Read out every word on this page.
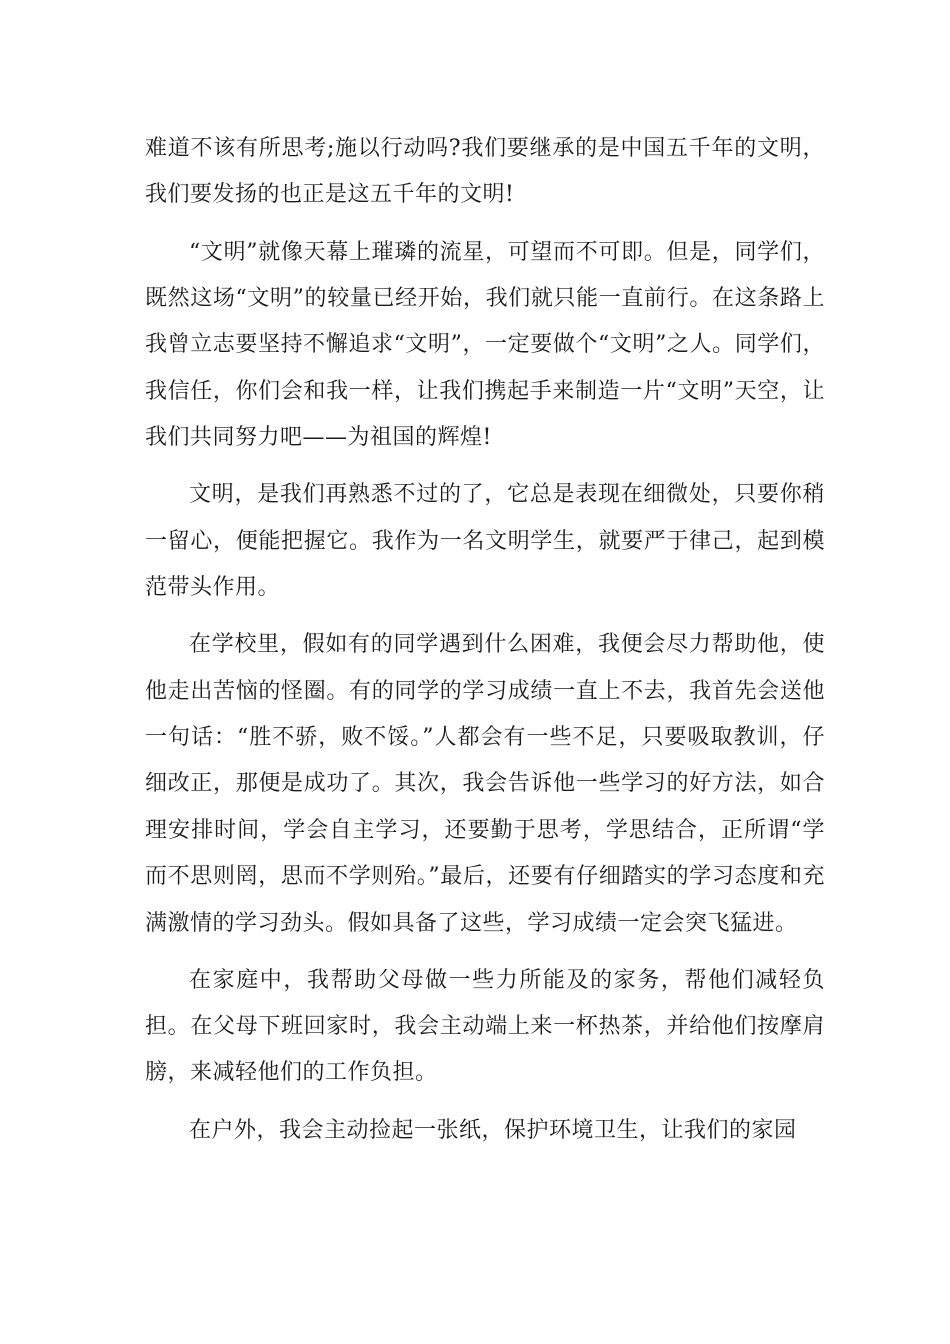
难道不该有所思考;施以行动吗?我们要继承的是中国五千年的文明，我们要发扬的也正是这五千年的文明!

“文明”就像天幕上璀璘的流星，可望而不可即。但是，同学们，既然这场“文明”的较量已经开始，我们就只能一直前行。在这条路上我曾立志要坚持不懈追求“文明”，一定要做个“文明”之人。同学们，我信任，你们会和我一样，让我们携起手来制造一片“文明”天空，让我们共同努力吧——为祖国的辉煌!

文明，是我们再熟悉不过的了，它总是表现在细微处，只要你稍一留心，便能把握它。我作为一名文明学生，就要严于律己，起到模范带头作用。

在学校里，假如有的同学遇到什么困难，我便会尽力帮助他，使他走出苦恼的怪圈。有的同学的学习成绩一直上不去，我首先会送他一句话：“胜不骄，败不馁。”人都会有一些不足，只要吸取教训，仔细改正，那便是成功了。其次，我会告诉他一些学习的好方法，如合理安排时间，学会自主学习，还要勤于思考，学思结合，正所谓“学而不思则罔，思而不学则殆。”最后，还要有仔细踏实的学习态度和充满激情的学习劲头。假如具备了这些，学习成绩一定会突飞猛进。

在家庭中，我帮助父母做一些力所能及的家务，帮他们减轻负担。在父母下班回家时，我会主动端上来一杯热茶，并给他们按摩肩膀，来减轻他们的工作负担。

在户外，我会主动捡起一张纸，保护环境卫生，让我们的家园
